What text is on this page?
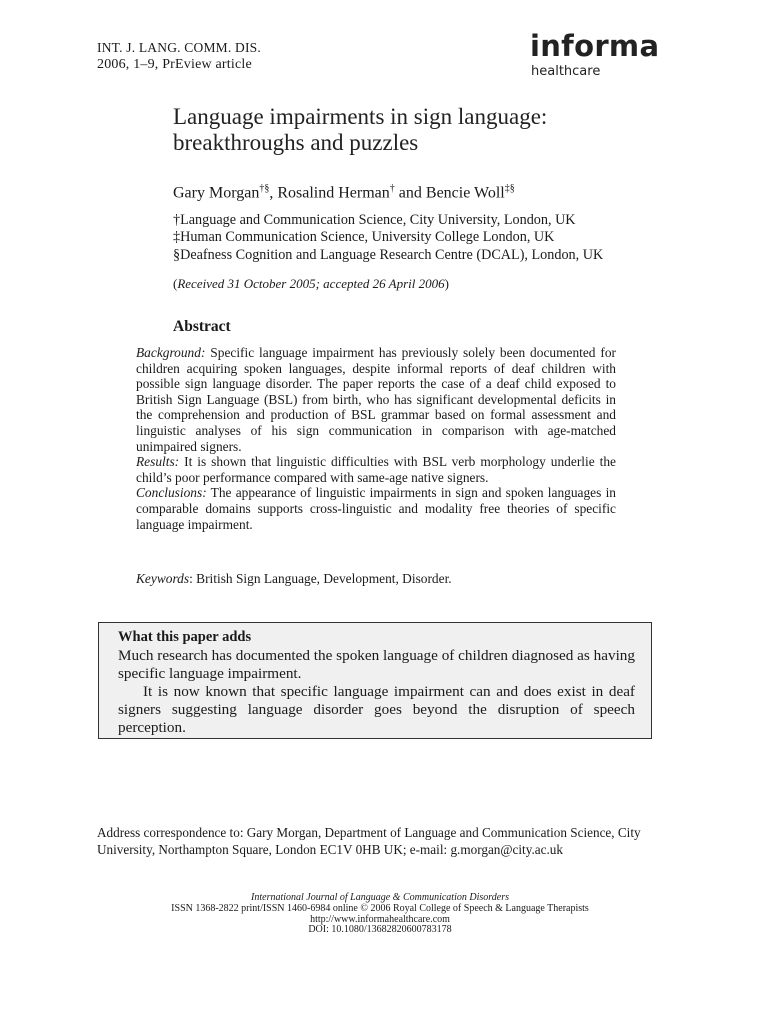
INT. J. LANG. COMM. DIS.
2006, 1–9, PrEview article
informa
healthcare
Language impairments in sign language:
breakthroughs and puzzles
Gary Morgan†§, Rosalind Herman† and Bencie Woll‡§
†Language and Communication Science, City University, London, UK
‡Human Communication Science, University College London, UK
§Deafness Cognition and Language Research Centre (DCAL), London, UK
(Received 31 October 2005; accepted 26 April 2006)
Abstract

Background: Specific language impairment has previously solely been documented for children acquiring spoken languages, despite informal reports of deaf children with possible sign language disorder. The paper reports the case of a deaf child exposed to British Sign Language (BSL) from birth, who has significant developmental deficits in the comprehension and production of BSL grammar based on formal assessment and linguistic analyses of his sign communication in comparison with age-matched unimpaired signers.

Results: It is shown that linguistic difficulties with BSL verb morphology underlie the child’s poor performance compared with same-age native signers.

Conclusions: The appearance of linguistic impairments in sign and spoken languages in comparable domains supports cross-linguistic and modality free theories of specific language impairment.

Keywords: British Sign Language, Development, Disorder.
What this paper adds

Much research has documented the spoken language of children diagnosed as having specific language impairment.

It is now known that specific language impairment can and does exist in deaf signers suggesting language disorder goes beyond the disruption of speech perception.

Address correspondence to: Gary Morgan, Department of Language and Communication Science, City University, Northampton Square, London EC1V 0HB UK; e-mail: g.morgan@city.ac.uk
International Journal of Language & Communication Disorders
ISSN 1368-2822 print/ISSN 1460-6984 online © 2006 Royal College of Speech & Language Therapists
http://www.informahealthcare.com
DOI: 10.1080/13682820600783178
